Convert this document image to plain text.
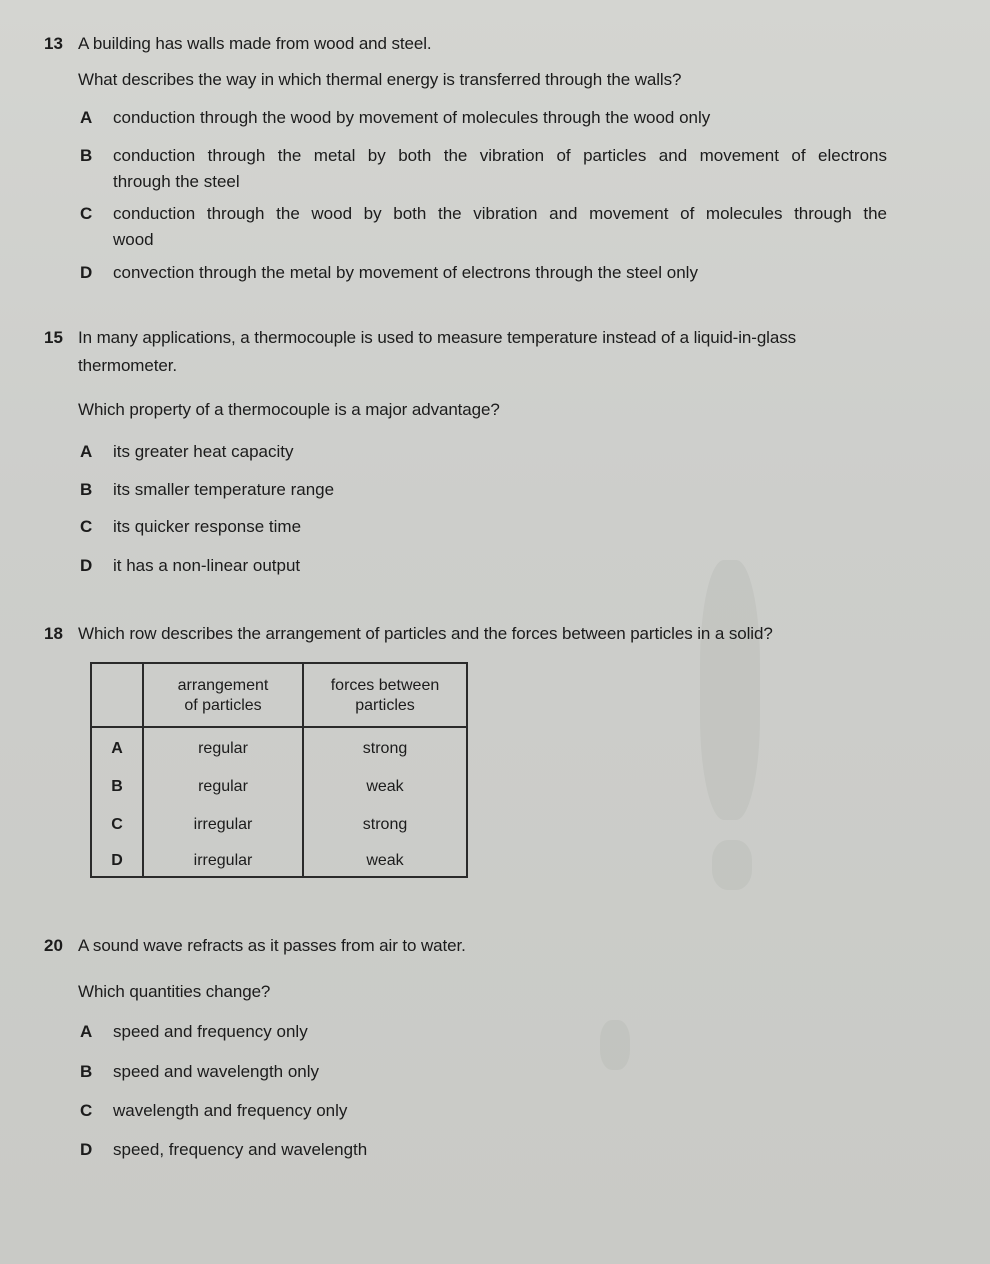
13 A building has walls made from wood and steel.
What describes the way in which thermal energy is transferred through the walls?
A conduction through the wood by movement of molecules through the wood only
B conduction through the metal by both the vibration of particles and movement of electrons
through the steel
C conduction through the wood by both the vibration and movement of molecules through the
wood
D convection through the metal by movement of electrons through the steel only
15 In many applications, a thermocouple is used to measure temperature instead of a liquid-in-glass
thermometer.
Which property of a thermocouple is a major advantage?
A its greater heat capacity
B its smaller temperature range
C its quicker response time
D it has a non-linear output
18 Which row describes the arrangement of particles and the forces between particles in a solid?
arrangement
of particles
forces between
particles
A	regular	strong
B	regular	weak
C	irregular	strong
D	irregular	weak
20 A sound wave refracts as it passes from air to water.
Which quantities change?
A speed and frequency only
B speed and wavelength only
C wavelength and frequency only
D speed, frequency and wavelength
